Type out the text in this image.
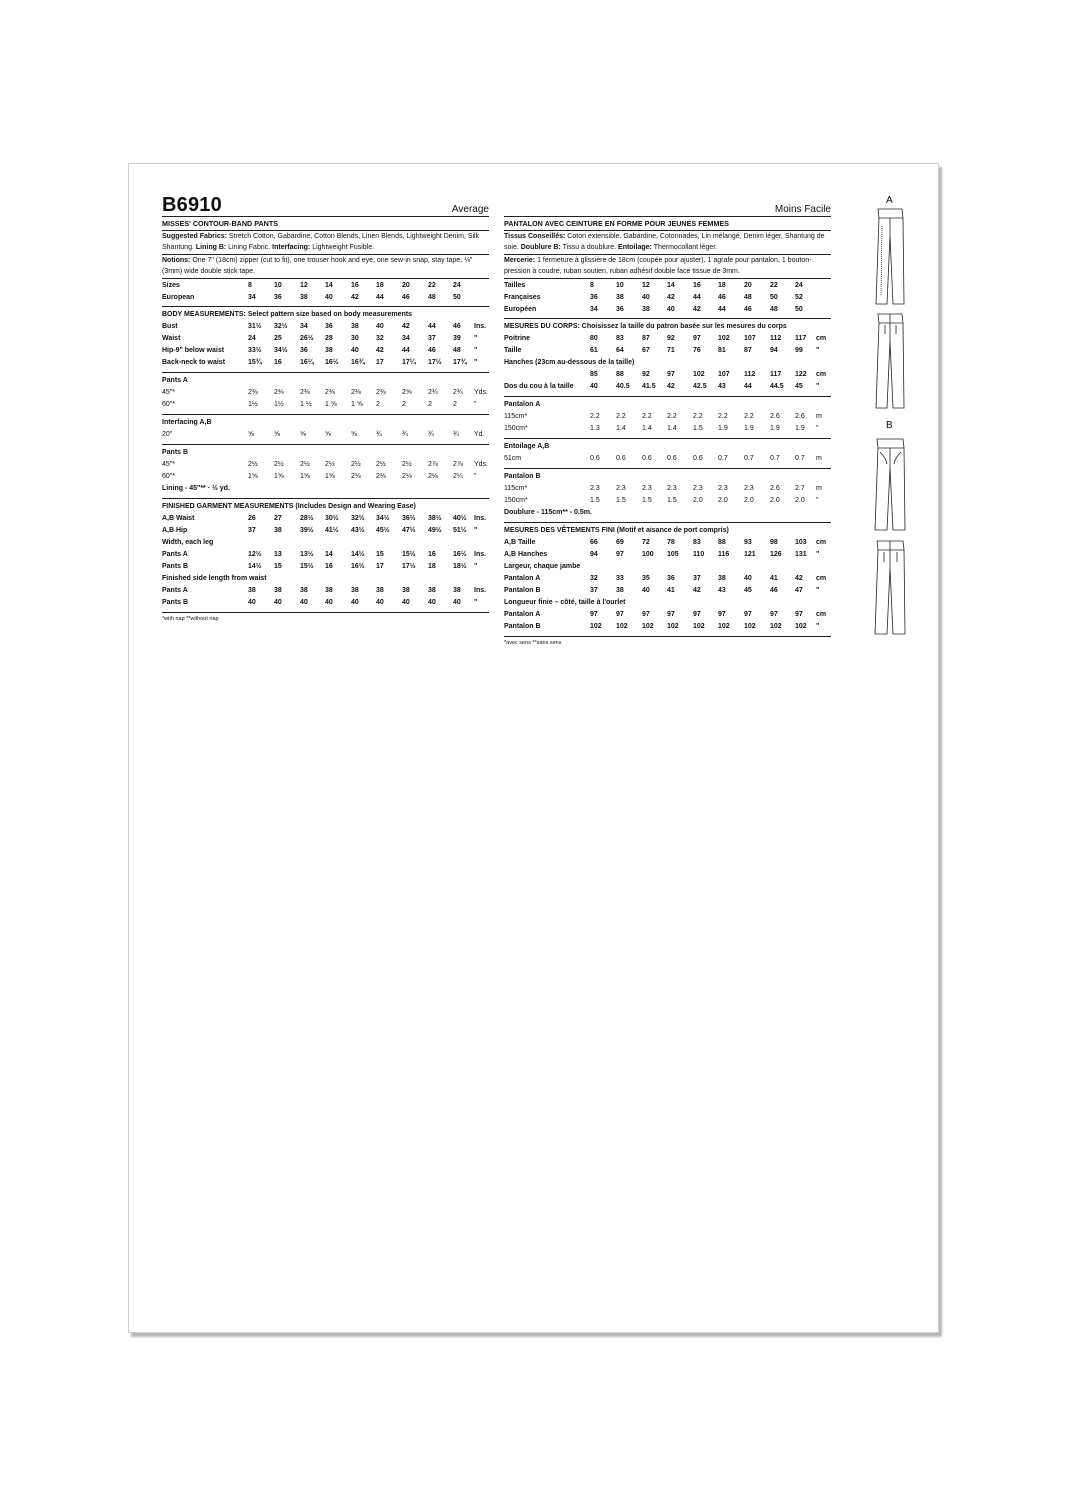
B6910	Average
MISSES' CONTOUR-BAND PANTS
Suggested Fabrics: Stretch Cotton, Gabardine, Cotton Blends, Linen Blends, Lightweight Denim, Silk Shantung. Lining B: Lining Fabric. Interfacing: Lightweight Fusible.
Notions: One 7" (18cm) zipper (cut to fit), one trouser hook and eye, one sew-in snap, stay tape, ⅛" (3mm) wide double stick tape.
Sizes	8	10	12	14	16	18	20	22	24
European	34	36	38	40	42	44	46	48	50
BODY MEASUREMENTS: Select pattern size based on body measurements
Bust	31½	32½	34	36	38	40	42	44	46	Ins.
Waist	24	25	26½	28	30	32	34	37	39	"
Hip-9" below waist	33½	34½	36	38	40	42	44	46	48	"
Back-neck to waist	15¾	16	16¼	16½	16¾	17	17¼	17½	17¾	"
Pants A
45"*	2⅜	2⅜	2⅜	2⅜	2⅜	2⅜	2⅝	2¾	2¾	Yds.
60"*	1½	1½	1 ½	1 ⅝	1 ⅝	2	2	2	2	"
Interfacing A,B
20"	⅝	⅝	⅝	⅝	⅝	¾	¾	¾	¾	Yd.
Pants B
45"*	2½	2½	2½	2½	2½	2½	2½	2⅞	2⅞	Yds.
60"*	1⅝	1⅝	1⅝	1⅝	2⅛	2⅛	2⅛	2⅛	2¼	"
Lining - 45"** · ½ yd.
FINISHED GARMENT MEASUREMENTS (Includes Design and Wearing Ease)
A,B Waist	26	27	28½	30½	32½	34½	36½	38½	40½	Ins.
A,B Hip	37	38	39½	41½	43½	45½	47½	49½	51½	"
Width, each leg
Pants A	12½	13	13½	14	14½	15	15½	16	16½	Ins.
Pants B	14½	15	15½	16	16½	17	17½	18	18½	"
Finished side length from waist
Pants A	38	38	38	38	38	38	38	38	38	Ins.
Pants B	40	40	40	40	40	40	40	40	40	"
*with nap **without nap
Moins Facile
PANTALON AVEC CEINTURE EN FORME POUR JEUNES FEMMES
Tissus Conseillés: Coton extensible, Gabardine, Cotonnades, Lin mélangé, Denim léger, Shantung de soie. Doublure B: Tissu à doublure. Entoilage: Thermocollant léger.
Mercerie: 1 fermeture à glissière de 18cm (coupée pour ajuster), 1 agrafe pour pantalon, 1 bouton-pression à coudre, ruban soutien, ruban adhésif double face tissue de 3mm.
Tailles	8	10	12	14	16	18	20	22	24
Françaises	36	38	40	42	44	46	48	50	52
Européen	34	36	38	40	42	44	46	48	50
MESURES DU CORPS: Choisissez la taille du patron basée sur les mesures du corps
Poitrine	80	83	87	92	97	102	107	112	117	cm
Taille	61	64	67	71	76	81	87	94	99	"
Hanches (23cm au-dessous de la taille)
85	88	92	97	102	107	112	117	122	cm
Dos du cou à la taille 40	40.5	41.5	42	42.5	43	44	44.5	45	"
Pantalon A
115cm*	2.2	2.2	2.2	2.2	2.2	2.2	2.2	2.6	2.6	m
150cm*	1.3	1.4	1.4	1.4	1.5	1.9	1.9	1.9	1.9	"
Entoilage A,B
51cm	0.6	0.6	0.6	0.6	0.6	0.7	0.7	0.7	0.7	m
Pantalon B
115cm*	2.3	2.3	2.3	2.3	2.3	2.3	2.3	2.6	2.7	m
150cm*	1.5	1.5	1.5	1.5	2.0	2.0	2.0	2.0	2.0	"
Doublure - 115cm** - 0.5m.
MESURES DES VÊTEMENTS FINI (Motif et aisance de port compris)
A,B Taille	66	69	72	78	83	88	93	98	103	cm
A,B Hanches	94	97	100	105	110	116	121	126	131	"
Largeur, chaque jambe
Pantalon A	32	33	35	36	37	38	40	41	42	cm
Pantalon B	37	38	40	41	42	43	45	46	47	"
Longueur finie – côté, taille à l'ourlet
Pantalon A	97	97	97	97	97	97	97	97	97	cm
Pantalon B	102	102	102	102	102	102	102	102	102	"
*avec sens **sans sens
A
B
